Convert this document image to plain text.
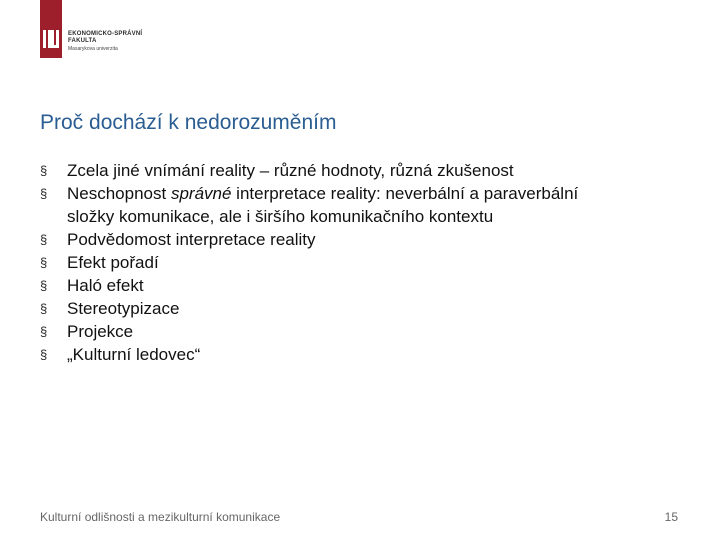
EKONOMICKO-SPRÁVNÍ
FAKULTA
Masarykova univerzita
Proč dochází k nedorozuměním
§ Zcela jiné vnímání reality – různé hodnoty, různá zkušenost
§ Neschopnost správné interpretace reality: neverbální a paraverbální
složky komunikace, ale i širšího komunikačního kontextu
§ Podvědomost interpretace reality
§ Efekt pořadí
§ Haló efekt
§ Stereotypizace
§ Projekce
§ „Kulturní ledovec“
Kulturní odlišnosti a mezikulturní komunikace	15
